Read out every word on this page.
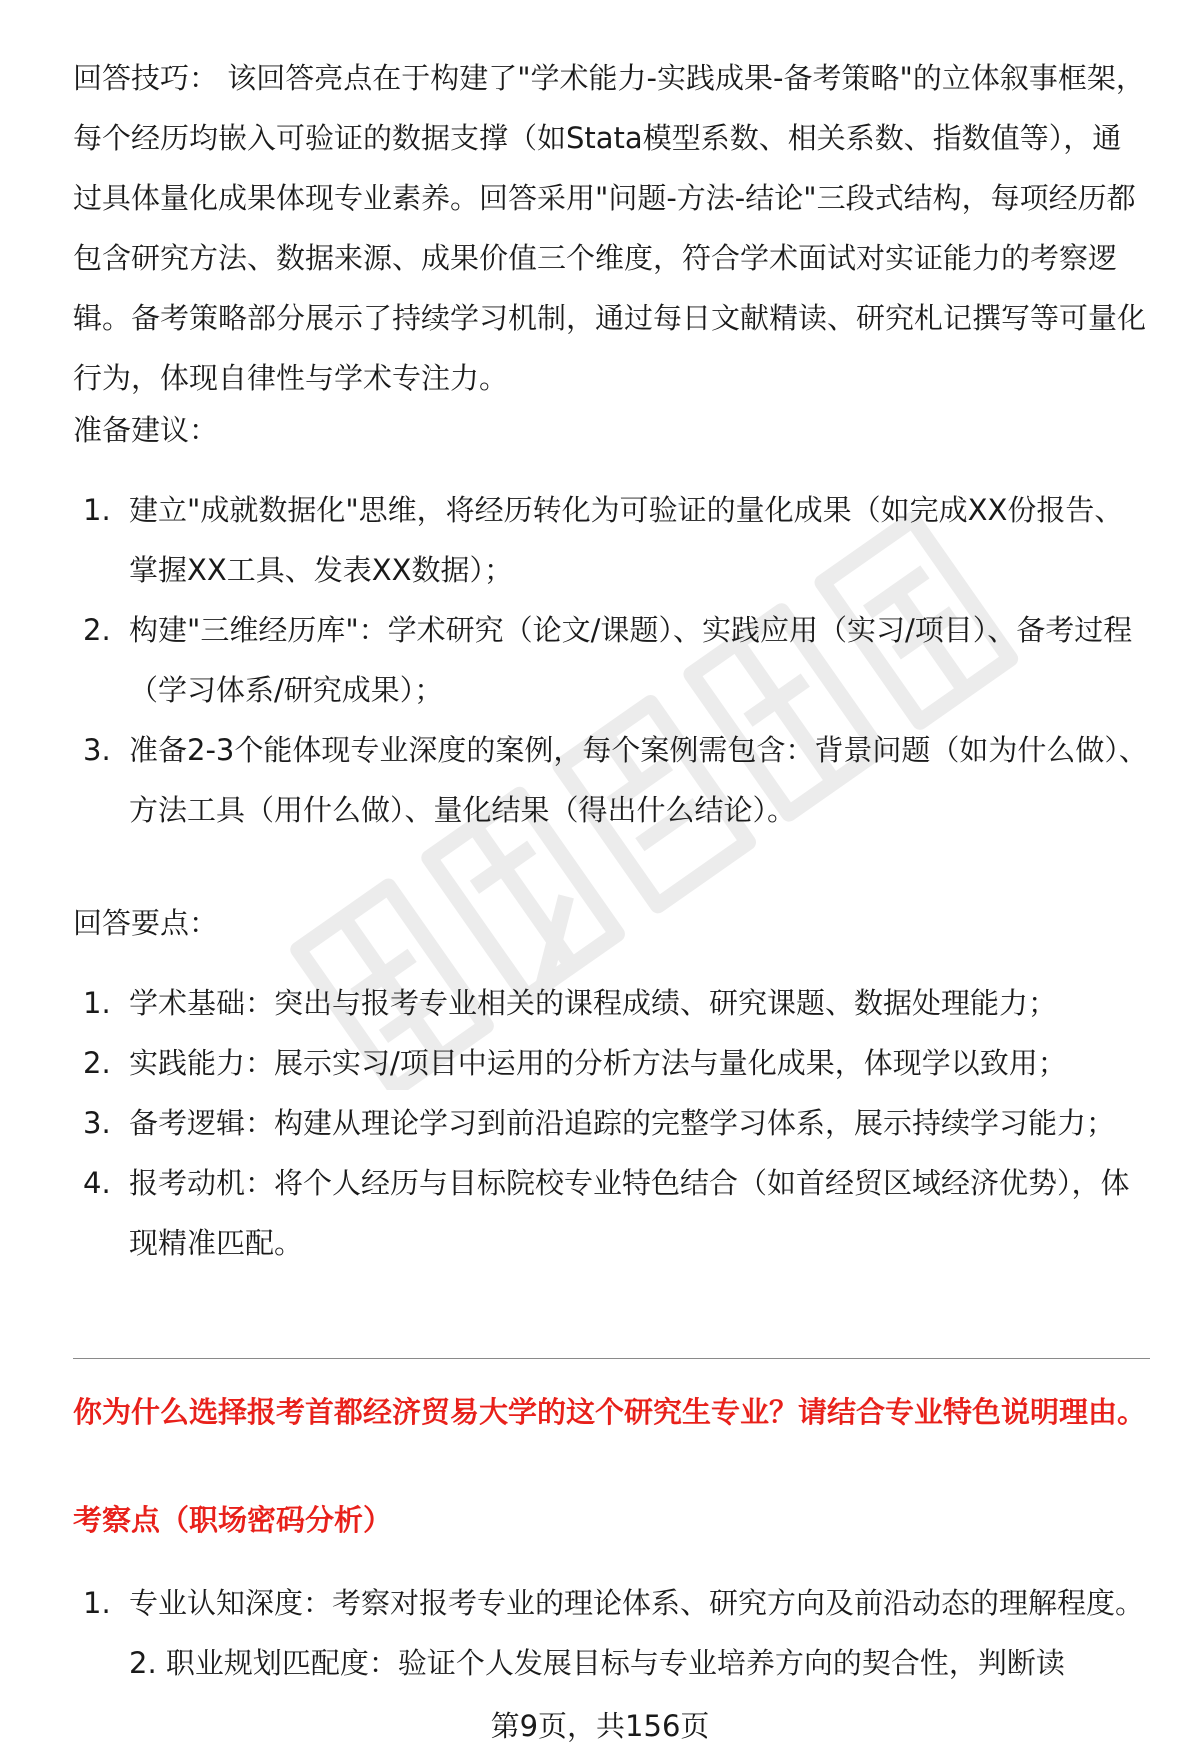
回答技巧： 该回答亮点在于构建了"学术能力-实践成果-备考策略"的立体叙事框架，每个经历均嵌入可验证的数据支撑（如Stata模型系数、相关系数、指数值等），通过具体量化成果体现专业素养。回答采用"问题-方法-结论"三段式结构，每项经历都包含研究方法、数据来源、成果价值三个维度，符合学术面试对实证能力的考察逻辑。备考策略部分展示了持续学习机制，通过每日文献精读、研究札记撰写等可量化行为，体现自律性与学术专注力。

准备建议：
1. 建立"成就数据化"思维，将经历转化为可验证的量化成果（如完成XX份报告、掌握XX工具、发表XX数据）；
2. 构建"三维经历库"：学术研究（论文/课题）、实践应用（实习/项目）、备考过程（学习体系/研究成果）；
3. 准备2-3个能体现专业深度的案例，每个案例需包含：背景问题（如为什么做）、方法工具（用什么做）、量化结果（得出什么结论）。
回答要点：
1. 学术基础：突出与报考专业相关的课程成绩、研究课题、数据处理能力；
2. 实践能力：展示实习/项目中运用的分析方法与量化成果，体现学以致用；
3. 备考逻辑：构建从理论学习到前沿追踪的完整学习体系，展示持续学习能力；
4. 报考动机：将个人经历与目标院校专业特色结合（如首经贸区域经济优势），体现精准匹配。
你为什么选择报考首都经济贸易大学的这个研究生专业？请结合专业特色说明理由。
考察点（职场密码分析）
1. 专业认知深度：考察对报考专业的理论体系、研究方向及前沿动态的理解程度。2. 职业规划匹配度：验证个人发展目标与专业培养方向的契合性，判断读
第9页，共156页
